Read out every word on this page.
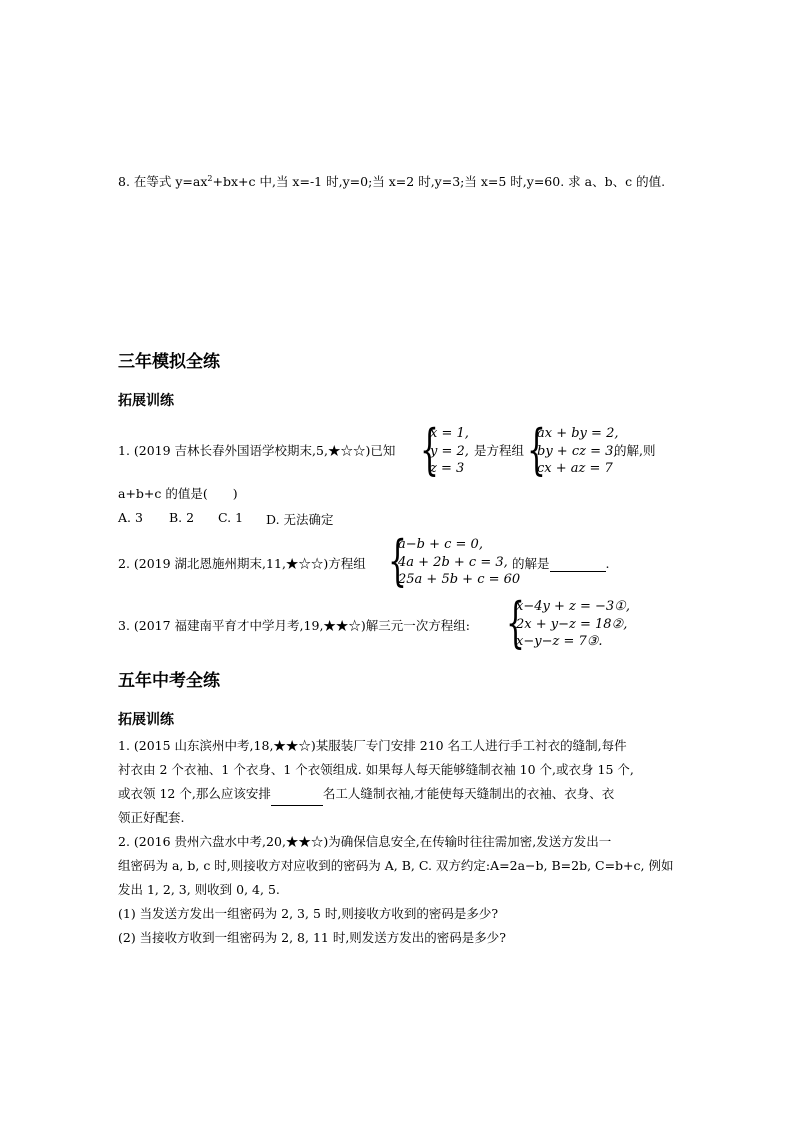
8. 在等式 $y=ax^2+bx+c$ 中,当 x=-1 时,y=0;当 x=2 时,y=3;当 x=5 时,y=60. 求 a、b、c 的值.
三年模拟全练
拓展训练
1. (2019 吉林长春外国语学校期末,5,★☆☆)已知 {
x = 1,
y = 2,
z = 3
是方程组 {
ax + by = 2,
by + cz = 3,
cx + az = 7
的解,则
a+b+c 的值是(　　)
A. 3 B. 2 C. 1 D. 无法确定
2. (2019 湖北恩施州期末,11,★☆☆)方程组 {
a−b + c = 0,
4a + 2b + c = 3,
25a + 5b + c = 60
的解是	.
3. (2017 福建南平育才中学月考,19,★★☆)解三元一次方程组: {
x−4y + z = −3①,
2x + y−z = 18②,
x−y−z = 7③.
五年中考全练
拓展训练
1. (2015 山东滨州中考,18,★★☆)某服装厂专门安排 210 名工人进行手工衬衣的缝制,每件
衬衣由 2 个衣袖、1 个衣身、1 个衣领组成. 如果每人每天能够缝制衣袖 10 个,或衣身 15 个,
或衣领 12 个,那么应该安排	名工人缝制衣袖,才能使每天缝制出的衣袖、衣身、衣
领正好配套.
2. (2016 贵州六盘水中考,20,★★☆)为确保信息安全,在传输时往往需加密,发送方发出一
组密码为 a, b, c 时,则接收方对应收到的密码为 A, B, C. 双方约定:A=2a−b, B=2b, C=b+c, 例如
发出 1, 2, 3, 则收到 0, 4, 5.
(1) 当发送方发出一组密码为 2, 3, 5 时,则接收方收到的密码是多少?
(2) 当接收方收到一组密码为 2, 8, 11 时,则发送方发出的密码是多少?
